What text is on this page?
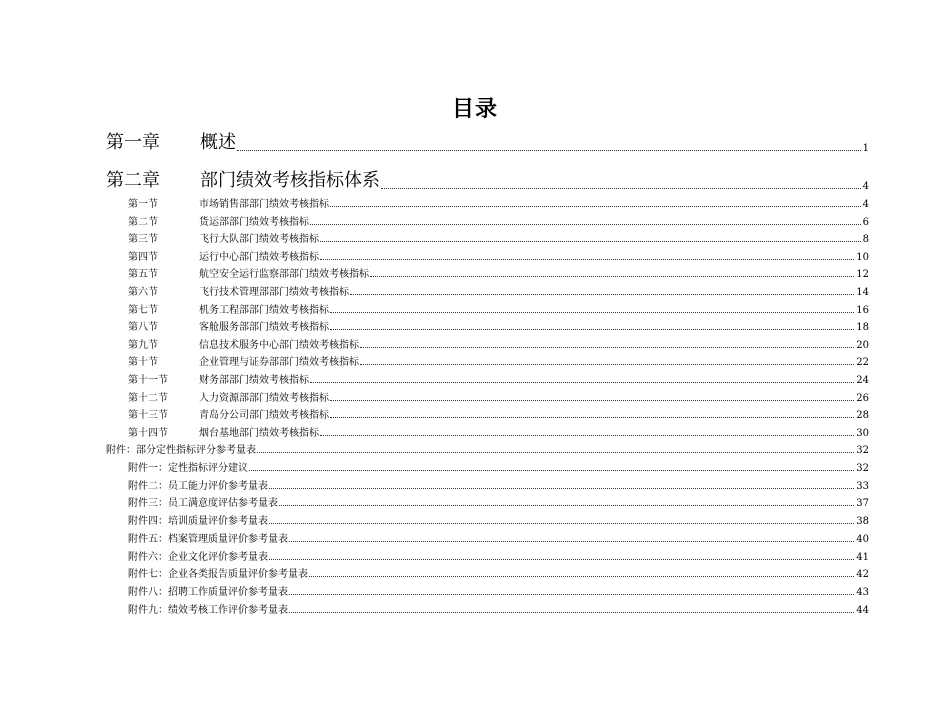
目录
第一章	概述	1
第二章	部门绩效考核指标体系	4
第一节	市场销售部部门绩效考核指标	4
第二节	货运部部门绩效考核指标	6
第三节	飞行大队部门绩效考核指标	8
第四节	运行中心部门绩效考核指标	10
第五节	航空安全运行监察部部门绩效考核指标	12
第六节	飞行技术管理部部门绩效考核指标	14
第七节	机务工程部部门绩效考核指标	16
第八节	客舱服务部部门绩效考核指标	18
第九节	信息技术服务中心部门绩效考核指标	20
第十节	企业管理与证券部部门绩效考核指标	22
第十一节	财务部部门绩效考核指标	24
第十二节	人力资源部部门绩效考核指标	26
第十三节	青岛分公司部门绩效考核指标	28
第十四节	烟台基地部门绩效考核指标	30
附件：部分定性指标评分参考量表	32
附件一：定性指标评分建议	32
附件二：员工能力评价参考量表	33
附件三：员工满意度评估参考量表	37
附件四：培训质量评价参考量表	38
附件五：档案管理质量评价参考量表	40
附件六：企业文化评价参考量表	41
附件七：企业各类报告质量评价参考量表	42
附件八：招聘工作质量评价参考量表	43
附件九：绩效考核工作评价参考量表	44
